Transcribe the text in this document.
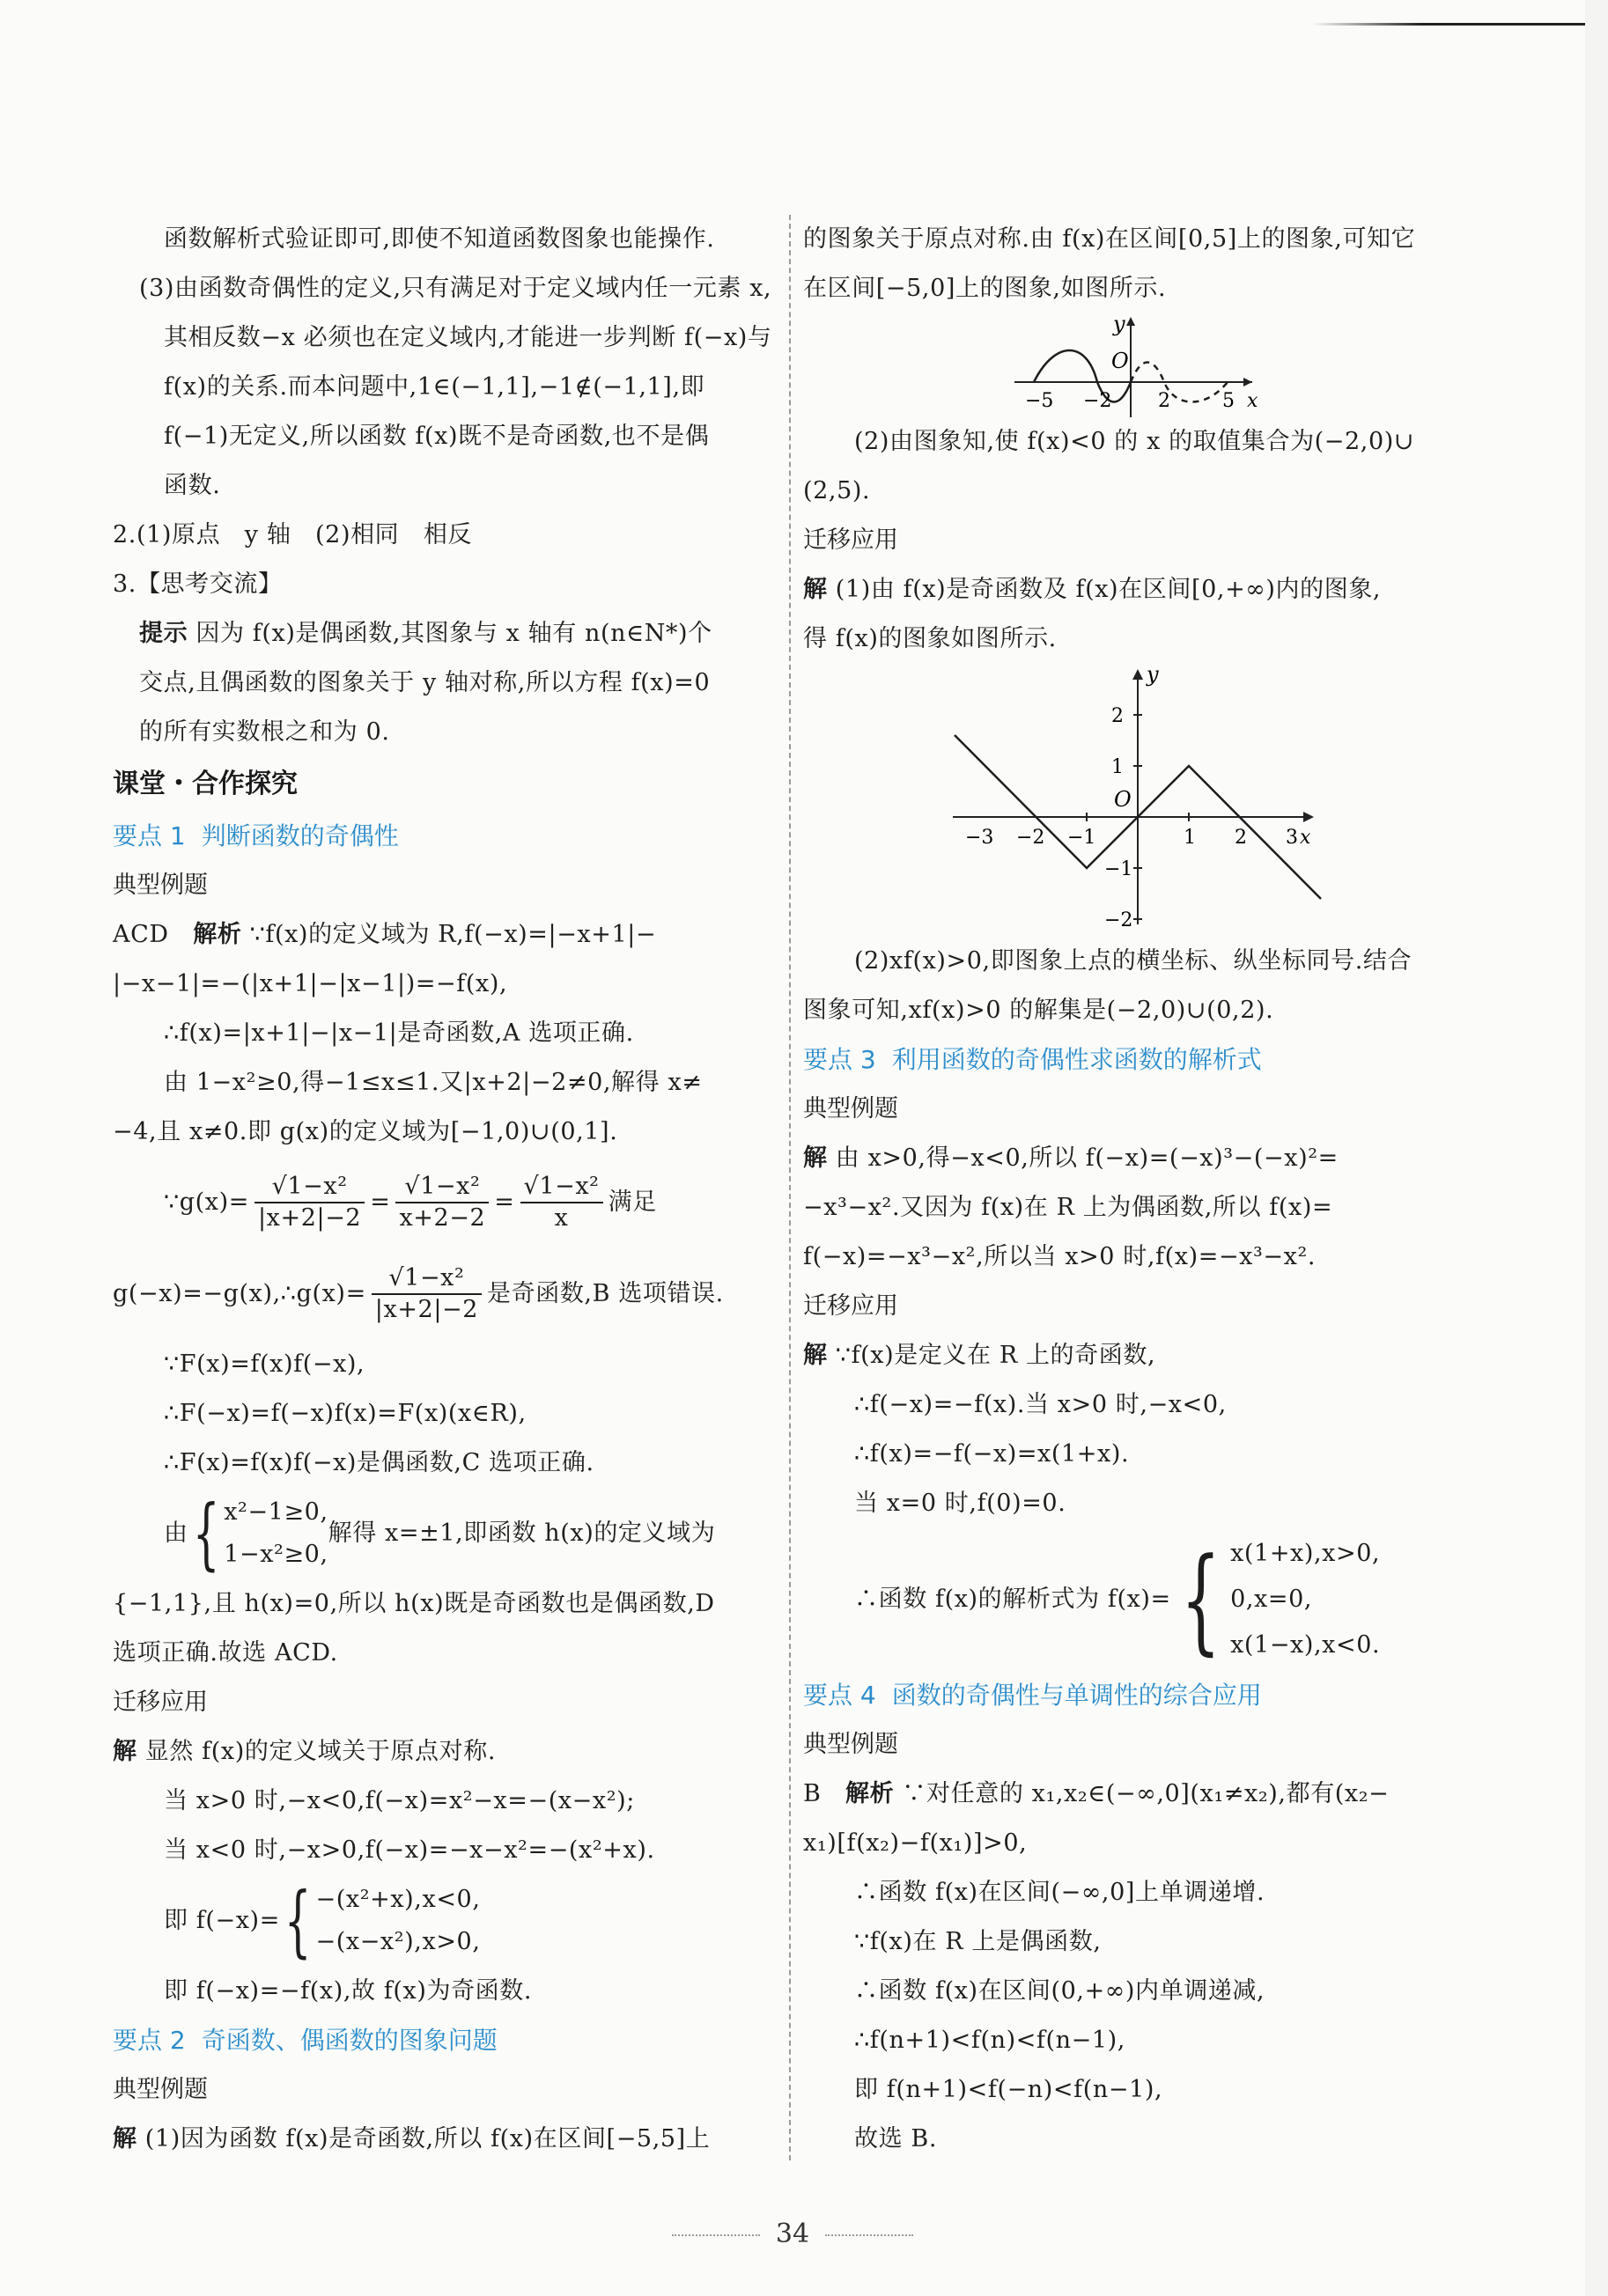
函数解析式验证即可,即使不知道函数图象也能操作.
(3)由函数奇偶性的定义,只有满足对于定义域内任一元素 x,
其相反数−x 必须也在定义域内,才能进一步判断 f(−x)与
f(x)的关系.而本问题中,1∈(−1,1],−1∉(−1,1],即
f(−1)无定义,所以函数 f(x)既不是奇函数,也不是偶
函数.
2.(1)原点　y 轴　(2)相同　相反
3.【思考交流】
提示 因为 f(x)是偶函数,其图象与 x 轴有 n(n∈N*)个
交点,且偶函数的图象关于 y 轴对称,所以方程 f(x)=0
的所有实数根之和为 0.
课堂・合作探究
要点 1 判断函数的奇偶性
典型例题
ACD　解析 ∵f(x)的定义域为 R,f(−x)=|−x+1|−
|−x−1|=−(|x+1|−|x−1|)=−f(x),
∴f(x)=|x+1|−|x−1|是奇函数,A 选项正确.
由 1−x²≥0,得−1≤x≤1.又|x+2|−2≠0,解得 x≠
−4,且 x≠0.即 g(x)的定义域为[−1,0)∪(0,1].
∵g(x)= $\frac{\text{√1−x²}}{|x+2|-2} = \frac{\text{√1−x²}}{x+2-2} = \frac{\text{√1−x²}}{x}$ 满足
g(−x)=−g(x),∴g(x)= $\frac{\text{√1−x²}}{|x+2|-2}$ 是奇函数,B 选项错误.
∵F(x)=f(x)f(−x),
∴F(−x)=f(−x)f(x)=F(x)(x∈R),
∴F(x)=f(x)f(−x)是偶函数,C 选项正确.
由 { x²−1≥0,
1−x²≥0,
解得 x=±1,即函数 h(x)的定义域为
{−1,1},且 h(x)=0,所以 h(x)既是奇函数也是偶函数,D
选项正确.故选 ACD.
迁移应用
解 显然 f(x)的定义域关于原点对称.
当 x>0 时,−x<0,f(−x)=x²−x=−(x−x²);
当 x<0 时,−x>0,f(−x)=−x−x²=−(x²+x).
即 f(−x)= { −(x²+x),x<0,
−(x−x²),x>0,
即 f(−x)=−f(x),故 f(x)为奇函数.
要点 2 奇函数、偶函数的图象问题
典型例题
解 (1)因为函数 f(x)是奇函数,所以 f(x)在区间[−5,5]上
的图象关于原点对称.由 f(x)在区间[0,5]上的图象,可知它
在区间[−5,0]上的图象,如图所示.
y
O
−5 −2 2	5 x
(2)由图象知,使 f(x)<0 的 x 的取值集合为(−2,0)∪
(2,5).
迁移应用
解 (1)由 f(x)是奇函数及 f(x)在区间[0,+∞)内的图象,
得 f(x)的图象如图所示.
y
O
2
1
−1
−2
−3 −2 −1	1 2 3 x
(2)xf(x)>0,即图象上点的横坐标、纵坐标同号.结合
图象可知,xf(x)>0 的解集是(−2,0)∪(0,2).
要点 3 利用函数的奇偶性求函数的解析式
典型例题
解 由 x>0,得−x<0,所以 f(−x)=(−x)³−(−x)²=
−x³−x².又因为 f(x)在 R 上为偶函数,所以 f(x)=
f(−x)=−x³−x²,所以当 x>0 时,f(x)=−x³−x².
迁移应用
解 ∵f(x)是定义在 R 上的奇函数,
∴f(−x)=−f(x).当 x>0 时,−x<0,
∴f(x)=−f(−x)=x(1+x).
当 x=0 时,f(0)=0.
∴函数 f(x)的解析式为 f(x)= { x(1+x),x>0,
0,x=0,
x(1−x),x<0.
要点 4 函数的奇偶性与单调性的综合应用
典型例题
B　解析 ∵对任意的 x₁,x₂∈(−∞,0](x₁≠x₂),都有(x₂−
x₁)[f(x₂)−f(x₁)]>0,
∴函数 f(x)在区间(−∞,0]上单调递增.
∵f(x)在 R 上是偶函数,
∴函数 f(x)在区间(0,+∞)内单调递减,
∴f(n+1)<f(n)<f(n−1),
即 f(n+1)<f(−n)<f(n−1),
故选 B.
34
